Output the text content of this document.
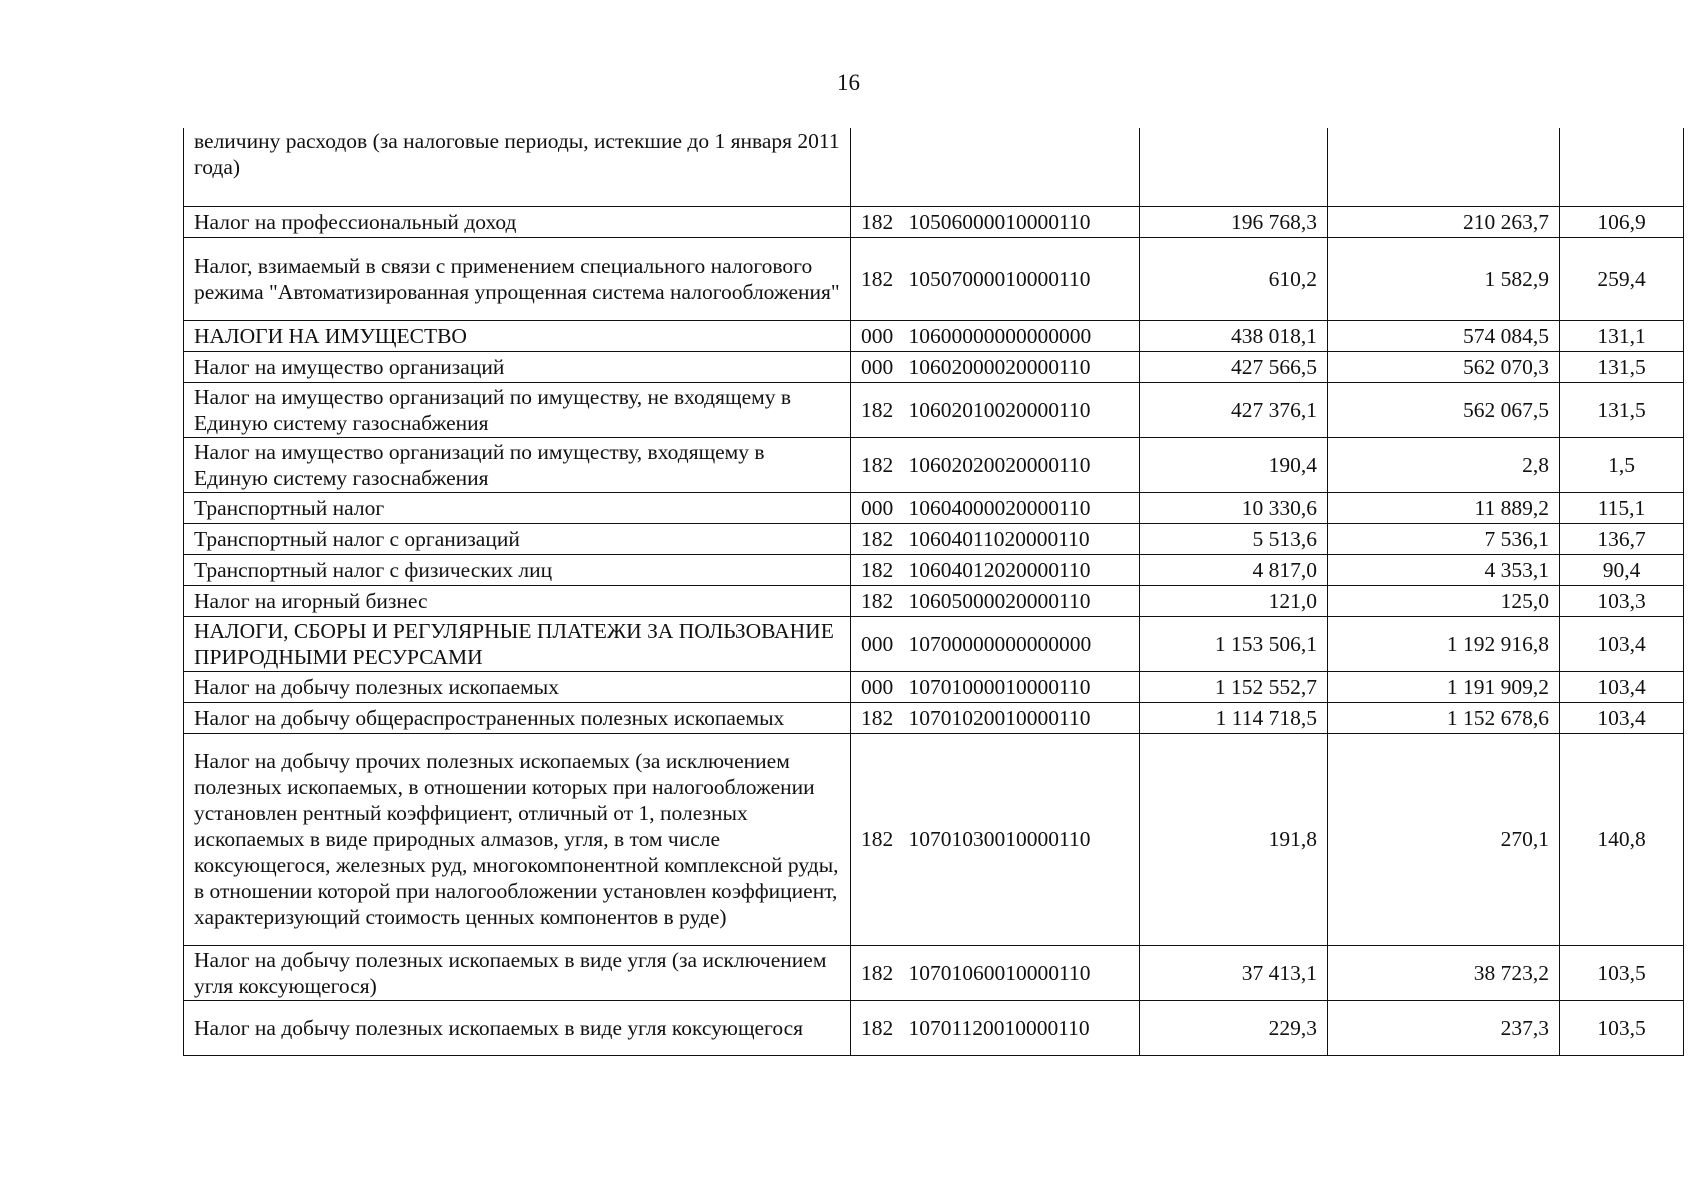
16
величину расходов (за налоговые периоды, истекшие до 1 января 2011 года)					
Налог на профессиональный доход	182	10506000010000110	196 768,3	210 263,7	106,9
Налог, взимаемый в связи с применением специального налогового режима "Автоматизированная упрощенная система налогообложения"	182	10507000010000110	610,2	1 582,9	259,4
НАЛОГИ НА ИМУЩЕСТВО	000	10600000000000000	438 018,1	574 084,5	131,1
Налог на имущество организаций	000	10602000020000110	427 566,5	562 070,3	131,5
Налог на имущество организаций по имуществу, не входящему в Единую систему газоснабжения	182	10602010020000110	427 376,1	562 067,5	131,5
Налог на имущество организаций по имуществу, входящему в Единую систему газоснабжения	182	10602020020000110	190,4	2,8	1,5
Транспортный налог	000	10604000020000110	10 330,6	11 889,2	115,1
Транспортный налог с организаций	182	10604011020000110	5 513,6	7 536,1	136,7
Транспортный налог с физических лиц	182	10604012020000110	4 817,0	4 353,1	90,4
Налог на игорный бизнес	182	10605000020000110	121,0	125,0	103,3
НАЛОГИ, СБОРЫ И РЕГУЛЯРНЫЕ ПЛАТЕЖИ ЗА ПОЛЬЗОВАНИЕ ПРИРОДНЫМИ РЕСУРСАМИ	000	10700000000000000	1 153 506,1	1 192 916,8	103,4
Налог на добычу полезных ископаемых	000	10701000010000110	1 152 552,7	1 191 909,2	103,4
Налог на добычу общераспространенных полезных ископаемых	182	10701020010000110	1 114 718,5	1 152 678,6	103,4
Налог на добычу прочих полезных ископаемых (за исключением полезных ископаемых, в отношении которых при налогообложении установлен рентный коэффициент, отличный от 1, полезных ископаемых в виде природных алмазов, угля, в том числе коксующегося, железных руд, многокомпонентной комплексной руды, в отношении которой при налогообложении установлен коэффициент, характеризующий стоимость ценных компонентов в руде)	182	10701030010000110	191,8	270,1	140,8
Налог на добычу полезных ископаемых в виде угля (за исключением угля коксующегося)	182	10701060010000110	37 413,1	38 723,2	103,5
Налог на добычу полезных ископаемых в виде угля коксующегося	182	10701120010000110	229,3	237,3	103,5
